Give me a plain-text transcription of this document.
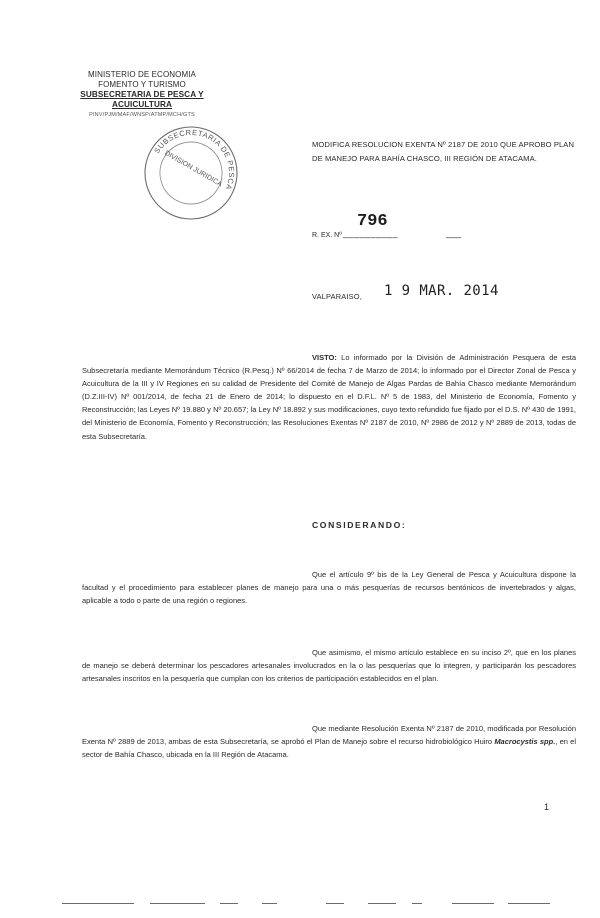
MINISTERIO DE ECONOMIA
FOMENTO Y TURISMO
SUBSECRETARIA DE PESCA Y ACUICULTURA
PINV/PJM/MAF/WNSP/ATMP/MCH/GTS
SUBSECRETARIA DE PESCA
DIVISION JURIDICA
MODIFICA RESOLUCION EXENTA Nº 2187 DE 2010 QUE APROBO PLAN DE MANEJO PARA BAHÍA CHASCO, III REGIÓN DE ATACAMA.
796
R. EX. Nº __________	___
VALPARAISO, 1 9 MAR. 2014
VISTO: Lo informado por la División de Administración Pesquera de esta Subsecretaría mediante Memorándum Técnico (R.Pesq.) Nº 66/2014 de fecha 7 de Marzo de 2014; lo informado por el Director Zonal de Pesca y Acuicultura de la III y IV Regiones en su calidad de Presidente del Comité de Manejo de Algas Pardas de Bahía Chasco mediante Memorándum (D.Z.III-IV) Nº 001/2014, de fecha 21 de Enero de 2014; lo dispuesto en el D.F.L. Nº 5 de 1983, del Ministerio de Economía, Fomento y Reconstrucción; las Leyes Nº 19.880 y Nº 20.657; la Ley Nº 18.892 y sus modificaciones, cuyo texto refundido fue fijado por el D.S. Nº 430 de 1991, del Ministerio de Economía, Fomento y Reconstrucción; las Resoluciones Exentas Nº 2187 de 2010, Nº 2986 de 2012 y Nº 2889 de 2013, todas de esta Subsecretaría.
CONSIDERANDO:
Que el artículo 9º bis de la Ley General de Pesca y Acuicultura dispone la facultad y el procedimiento para establecer planes de manejo para una o más pesquerías de recursos bentónicos de invertebrados y algas, aplicable a todo o parte de una región o regiones.
Que asimismo, el mismo artículo establece en su inciso 2º, que en los planes de manejo se deberá determinar los pescadores artesanales involucrados en la o las pesquerías que lo integren, y participarán los pescadores artesanales inscritos en la pesquería que cumplan con los criterios de participación establecidos en el plan.
Que mediante Resolución Exenta Nº 2187 de 2010, modificada por Resolución Exenta Nº 2889 de 2013, ambas de esta Subsecretaría, se aprobó el Plan de Manejo sobre el recurso hidrobiológico Huiro Macrocystis spp., en el sector de Bahía Chasco, ubicada en la III Región de Atacama.
1
